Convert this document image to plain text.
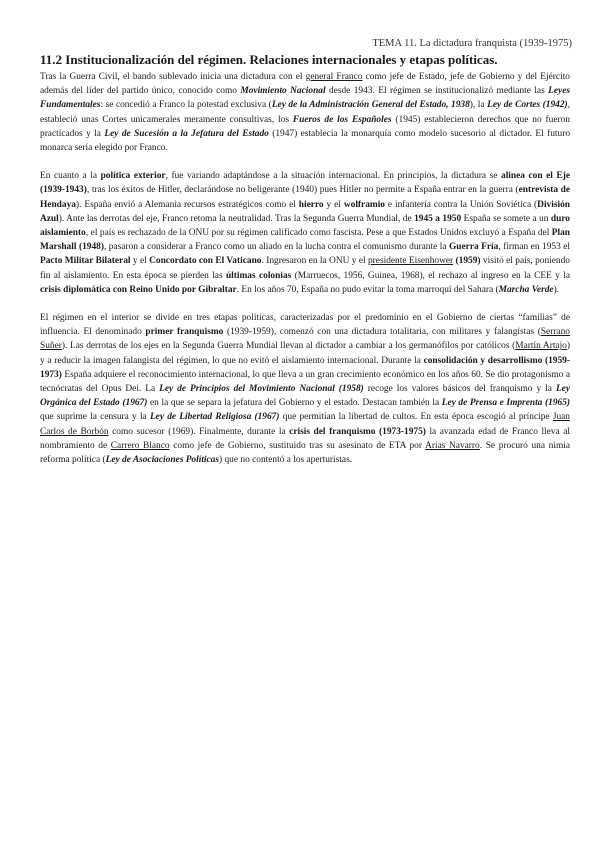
TEMA 11. La dictadura franquista (1939-1975)
11.2 Institucionalización del régimen. Relaciones internacionales y etapas políticas.

Tras la Guerra Civil, el bando sublevado inicia una dictadura con el general Franco como jefe de Estado, jefe de Gobierno y del Ejército además del líder del partido único, conocido como Movimiento Nacional desde 1943. El régimen se institucionalizó mediante las Leyes Fundamentales: se concedió a Franco la potestad exclusiva (Ley de la Administración General del Estado, 1938), la Ley de Cortes (1942), estableció unas Cortes unicamerales meramente consultivas, los Fueros de los Españoles (1945) establecieron derechos que no fueron practicados y la Ley de Sucesión a la Jefatura del Estado (1947) establecía la monarquía como modelo sucesorio al dictador. El futuro monarca sería elegido por Franco.

En cuanto a la política exterior, fue variando adaptándose a la situación internacional. En principios, la dictadura se alinea con el Eje (1939-1943), tras los éxitos de Hitler, declarándose no beligerante (1940) pues Hitler no permite a España entrar en la guerra (entrevista de Hendaya). España envió a Alemania recursos estratégicos como el hierro y el wolframio e infantería contra la Unión Soviética (División Azul). Ante las derrotas del eje, Franco retoma la neutralidad. Tras la Segunda Guerra Mundial, de 1945 a 1950 España se somete a un duro aislamiento, el país es rechazado de la ONU por su régimen calificado como fascista. Pese a que Estados Unidos excluyó a España del Plan Marshall (1948), pasaron a considerar a Franco como un aliado en la lucha contra el comunismo durante la Guerra Fría, firman en 1953 el Pacto Militar Bilateral y el Concordato con El Vaticano. Ingresaron en la ONU y el presidente Eisenhower (1959) visitó el país, poniendo fin al aislamiento. En esta época se pierden las últimas colonias (Marruecos, 1956, Guinea, 1968), el rechazo al ingreso en la CEE y la crisis diplomática con Reino Unido por Gibraltar. En los años 70, España no pudo evitar la toma marroquí del Sahara (Marcha Verde).

El régimen en el interior se divide en tres etapas políticas, caracterizadas por el predominio en el Gobierno de ciertas “familias” de influencia. El denominado primer franquismo (1939-1959), comenzó con una dictadura totalitaria, con militares y falangistas (Serrano Suñer). Las derrotas de los ejes en la Segunda Guerra Mundial llevan al dictador a cambiar a los germanófilos por católicos (Martín Artajo) y a reducir la imagen falangista del régimen, lo que no evitó el aislamiento internacional. Durante la consolidación y desarrollismo (1959-1973) España adquiere el reconocimiento internacional, lo que lleva a un gran crecimiento económico en los años 60. Se dio protagonismo a tecnócratas del Opus Dei. La Ley de Principios del Movimiento Nacional (1958) recoge los valores básicos del franquismo y la Ley Orgánica del Estado (1967) en la que se separa la jefatura del Gobierno y el estado. Destacan también la Ley de Prensa e Imprenta (1965) que suprime la censura y la Ley de Libertad Religiosa (1967) que permitían la libertad de cultos. En esta época escogió al príncipe Juan Carlos de Borbón como sucesor (1969). Finalmente, durante la crisis del franquismo (1973-1975) la avanzada edad de Franco lleva al nombramiento de Carrero Blanco como jefe de Gobierno, sustituido tras su asesinato de ETA por Arias Navarro. Se procuró una nimia reforma política (Ley de Asociaciones Políticas) que no contentó a los aperturistas.
